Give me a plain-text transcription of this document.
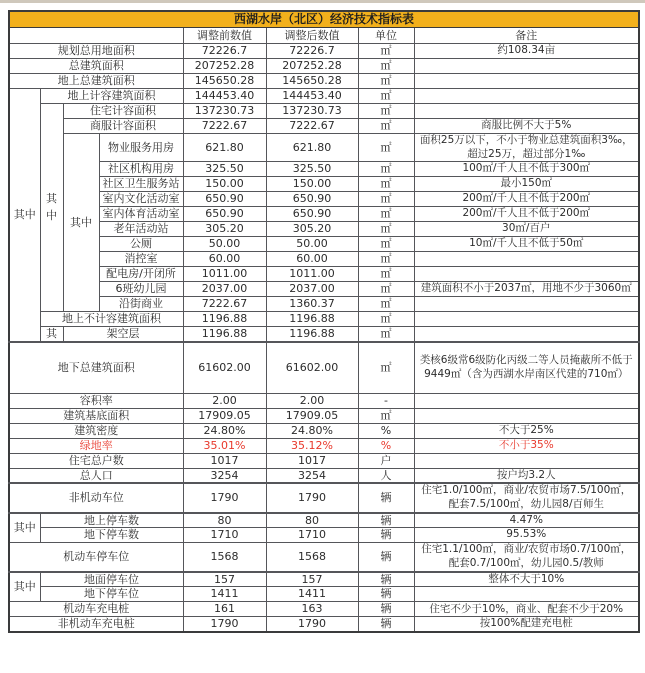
西湖水岸（北区）经济技术指标表							
				调整前数值	调整后数值	单位	备注
规划总用地面积				72226.7	72226.7	㎡	约108.34亩
总建筑面积				207252.28	207252.28	㎡	
地上总建筑面积				145650.28	145650.28	㎡	
其中	地上计容建筑面积			144453.40	144453.40	㎡	
	其中	住宅计容面积		137230.73	137230.73	㎡	
		商服计容面积		7222.67	7222.67	㎡	商服比例不大于5%
		其中	物业服务用房	621.80	621.80	㎡	面积25万以下，不小于物业总建筑面积3‰，超过25万，超过部分1‰
			社区机构用房	325.50	325.50	㎡	100㎡/千人且不低于300㎡
			社区卫生服务站	150.00	150.00	㎡	最小150㎡
			室内文化活动室	650.90	650.90	㎡	200㎡/千人且不低于200㎡
			室内体育活动室	650.90	650.90	㎡	200㎡/千人且不低于200㎡
			老年活动站	305.20	305.20	㎡	30㎡/百户
			公厕	50.00	50.00	㎡	10㎡/千人且不低于50㎡
			消控室	60.00	60.00	㎡	
			配电房/开闭所	1011.00	1011.00	㎡	
			6班幼儿园	2037.00	2037.00	㎡	建筑面积不小于2037㎡，用地不少于3060㎡
			沿街商业	7222.67	1360.37	㎡	
	地上不计容建筑面积			1196.88	1196.88	㎡	
	其	架空层		1196.88	1196.88	㎡	
地下总建筑面积				61602.00	61602.00	㎡	类核6级常6级防化丙级二等人员掩蔽所不低于9449㎡（含为西湖水岸南区代建的710㎡）
容积率				2.00	2.00	-	
建筑基底面积				17909.05	17909.05	㎡	
建筑密度				24.80%	24.80%	%	不大于25%
绿地率				35.01%	35.12%	%	不小于35%
住宅总户数				1017	1017	户	
总人口				3254	3254	人	按户均3.2人
非机动车位				1790	1790	辆	住宅1.0/100㎡，商业/农贸市场7.5/100㎡，配套7.5/100㎡，幼儿园8/百师生
其中	地上停车数			80	80	辆	4.47%
	地下停车数			1710	1710	辆	95.53%
机动车停车位				1568	1568	辆	住宅1.1/100㎡，商业/农贸市场0.7/100㎡，配套0.7/100㎡，幼儿园0.5/教师
其中	地面停车位			157	157	辆	整体不大于10%
	地下停车位			1411	1411	辆	
机动车充电桩				161	163	辆	住宅不少于10%，商业、配套不少于20%
非机动车充电桩				1790	1790	辆	按100%配建充电桩
